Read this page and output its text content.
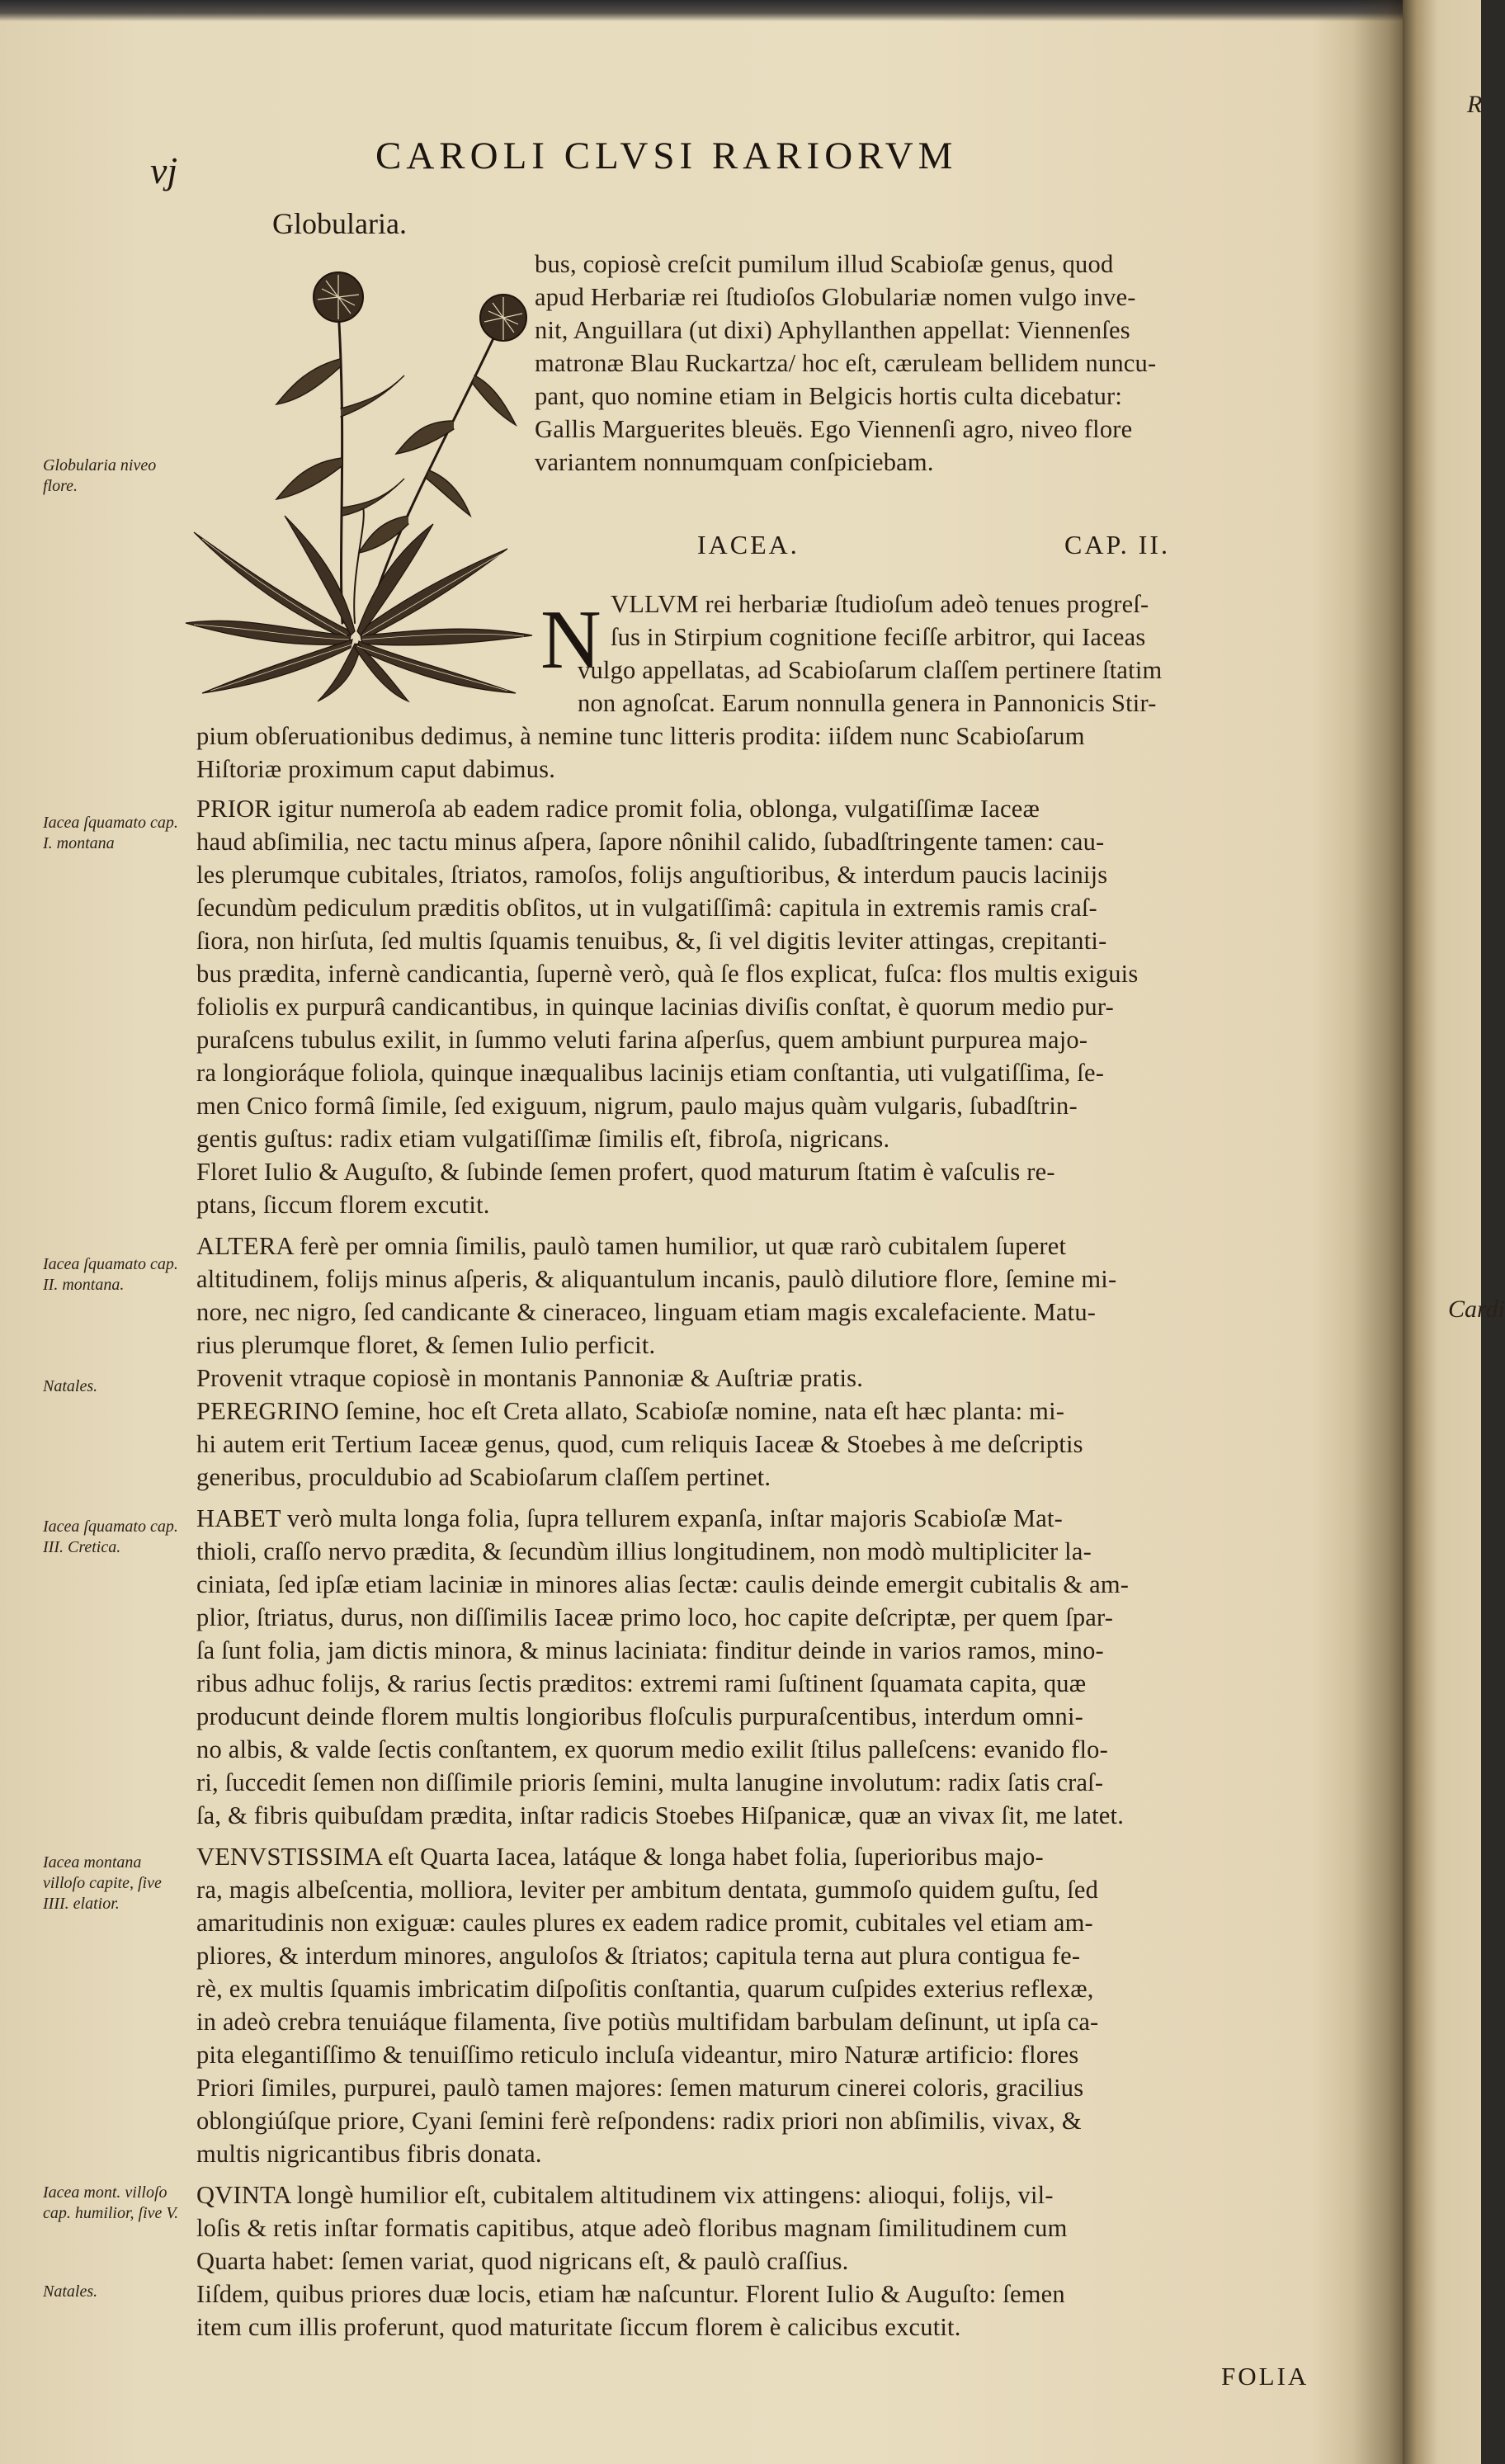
vj	CAROLI CLVSI RARIORVM
Globularia.
IACEA.	CAP. II.
N
bus, copiosè creſcit pumilum illud Scabioſæ genus, quod
apud Herbariæ rei ſtudioſos Globulariæ nomen vulgo inve-
nit, Anguillara (ut dixi) Aphyllanthen appellat: Viennenſes
matronæ Blau Ruckartza/ hoc eſt, cæruleam bellidem nuncu-
pant, quo nomine etiam in Belgicis hortis culta dicebatur:
Gallis Marguerites bleuës. Ego Viennenſi agro, niveo flore
variantem nonnumquam conſpiciebam.
VLLVM rei herbariæ ſtudioſum adeò tenues progreſ-
ſus in Stirpium cognitione feciſſe arbitror, qui Iaceas
vulgo appellatas, ad Scabioſarum claſſem pertinere ſtatim
non agnoſcat. Earum nonnulla genera in Pannonicis Stir-
pium obſeruationibus dedimus, à nemine tunc litteris prodita: iiſdem nunc Scabioſarum
Hiſtoriæ proximum caput dabimus.
PRIOR igitur numeroſa ab eadem radice promit folia, oblonga, vulgatiſſimæ Iaceæ
haud abſimilia, nec tactu minus aſpera, ſapore nônihil calido, ſubadſtringente tamen: cau-
les plerumque cubitales, ſtriatos, ramoſos, folijs anguſtioribus, & interdum paucis lacinijs
ſecundùm pediculum præditis obſitos, ut in vulgatiſſimâ: capitula in extremis ramis craſ-
ſiora, non hirſuta, ſed multis ſquamis tenuibus, &, ſi vel digitis leviter attingas, crepitanti-
bus prædita, infernè candicantia, ſupernè verò, quà ſe flos explicat, fuſca: flos multis exiguis
foliolis ex purpurâ candicantibus, in quinque lacinias diviſis conſtat, è quorum medio pur-
puraſcens tubulus exilit, in ſummo veluti farina aſperſus, quem ambiunt purpurea majo-
ra longioráque foliola, quinque inæqualibus lacinijs etiam conſtantia, uti vulgatiſſima, ſe-
men Cnico formâ ſimile, ſed exiguum, nigrum, paulo majus quàm vulgaris, ſubadſtrin-
gentis guſtus: radix etiam vulgatiſſimæ ſimilis eſt, fibroſa, nigricans.
Floret Iulio & Auguſto, & ſubinde ſemen profert, quod maturum ſtatim è vaſculis re-
ptans, ſiccum florem excutit.
ALTERA ferè per omnia ſimilis, paulò tamen humilior, ut quæ rarò cubitalem ſuperet
altitudinem, folijs minus aſperis, & aliquantulum incanis, paulò dilutiore flore, ſemine mi-
nore, nec nigro, ſed candicante & cineraceo, linguam etiam magis excalefaciente. Matu-
rius plerumque floret, & ſemen Iulio perficit.
Provenit vtraque copiosè in montanis Pannoniæ & Auſtriæ pratis.
PEREGRINO ſemine, hoc eſt Creta allato, Scabioſæ nomine, nata eſt hæc planta: mi-
hi autem erit Tertium Iaceæ genus, quod, cum reliquis Iaceæ & Stoebes à me deſcriptis
generibus, proculdubio ad Scabioſarum claſſem pertinet.
HABET verò multa longa folia, ſupra tellurem expanſa, inſtar majoris Scabioſæ Mat-
thioli, craſſo nervo prædita, & ſecundùm illius longitudinem, non modò multipliciter la-
ciniata, ſed ipſæ etiam laciniæ in minores alias ſectæ: caulis deinde emergit cubitalis & am-
plior, ſtriatus, durus, non diſſimilis Iaceæ primo loco, hoc capite deſcriptæ, per quem ſpar-
ſa ſunt folia, jam dictis minora, & minus laciniata: finditur deinde in varios ramos, mino-
ribus adhuc folijs, & rarius ſectis præditos: extremi rami ſuſtinent ſquamata capita, quæ
producunt deinde florem multis longioribus floſculis purpuraſcentibus, interdum omni-
no albis, & valde ſectis conſtantem, ex quorum medio exilit ſtilus palleſcens: evanido flo-
ri, ſuccedit ſemen non diſſimile prioris ſemini, multa lanugine involutum: radix ſatis craſ-
ſa, & fibris quibuſdam prædita, inſtar radicis Stoebes Hiſpanicæ, quæ an vivax ſit, me latet.
VENVSTISSIMA eſt Quarta Iacea, latáque & longa habet folia, ſuperioribus majo-
ra, magis albeſcentia, molliora, leviter per ambitum dentata, gummoſo quidem guſtu, ſed
amaritudinis non exiguæ: caules plures ex eadem radice promit, cubitales vel etiam am-
pliores, & interdum minores, anguloſos & ſtriatos; capitula terna aut plura contigua fe-
rè, ex multis ſquamis imbricatim diſpoſitis conſtantia, quarum cuſpides exterius reflexæ,
in adeò crebra tenuiáque filamenta, ſive potiùs multifidam barbulam deſinunt, ut ipſa ca-
pita elegantiſſimo & tenuiſſimo reticulo incluſa videantur, miro Naturæ artificio: flores
Priori ſimiles, purpurei, paulò tamen majores: ſemen maturum cinerei coloris, gracilius
oblongiúſque priore, Cyani ſemini ferè reſpondens: radix priori non abſimilis, vivax, &
multis nigricantibus fibris donata.
QVINTA longè humilior eſt, cubitalem altitudinem vix attingens: alioqui, folijs, vil-
loſis & retis inſtar formatis capitibus, atque adeò floribus magnam ſimilitudinem cum
Quarta habet: ſemen variat, quod nigricans eſt, & paulò craſſius.
Iiſdem, quibus priores duæ locis, etiam hæ naſcuntur. Florent Iulio & Auguſto: ſemen
item cum illis proferunt, quod maturitate ſiccum florem è calicibus excutit.
Globularia niveo flore.
Iacea ſquamato cap. I. montana
Iacea ſquamato cap. II. montana.
Natales.
Iacea ſquamato cap. III. Cretica.
Iacea montana villoſo capite, ſive IIII. elatior.
Iacea mont. villoſo cap. humilior, ſive V.
Natales.
FOLIA
R
Cardi
